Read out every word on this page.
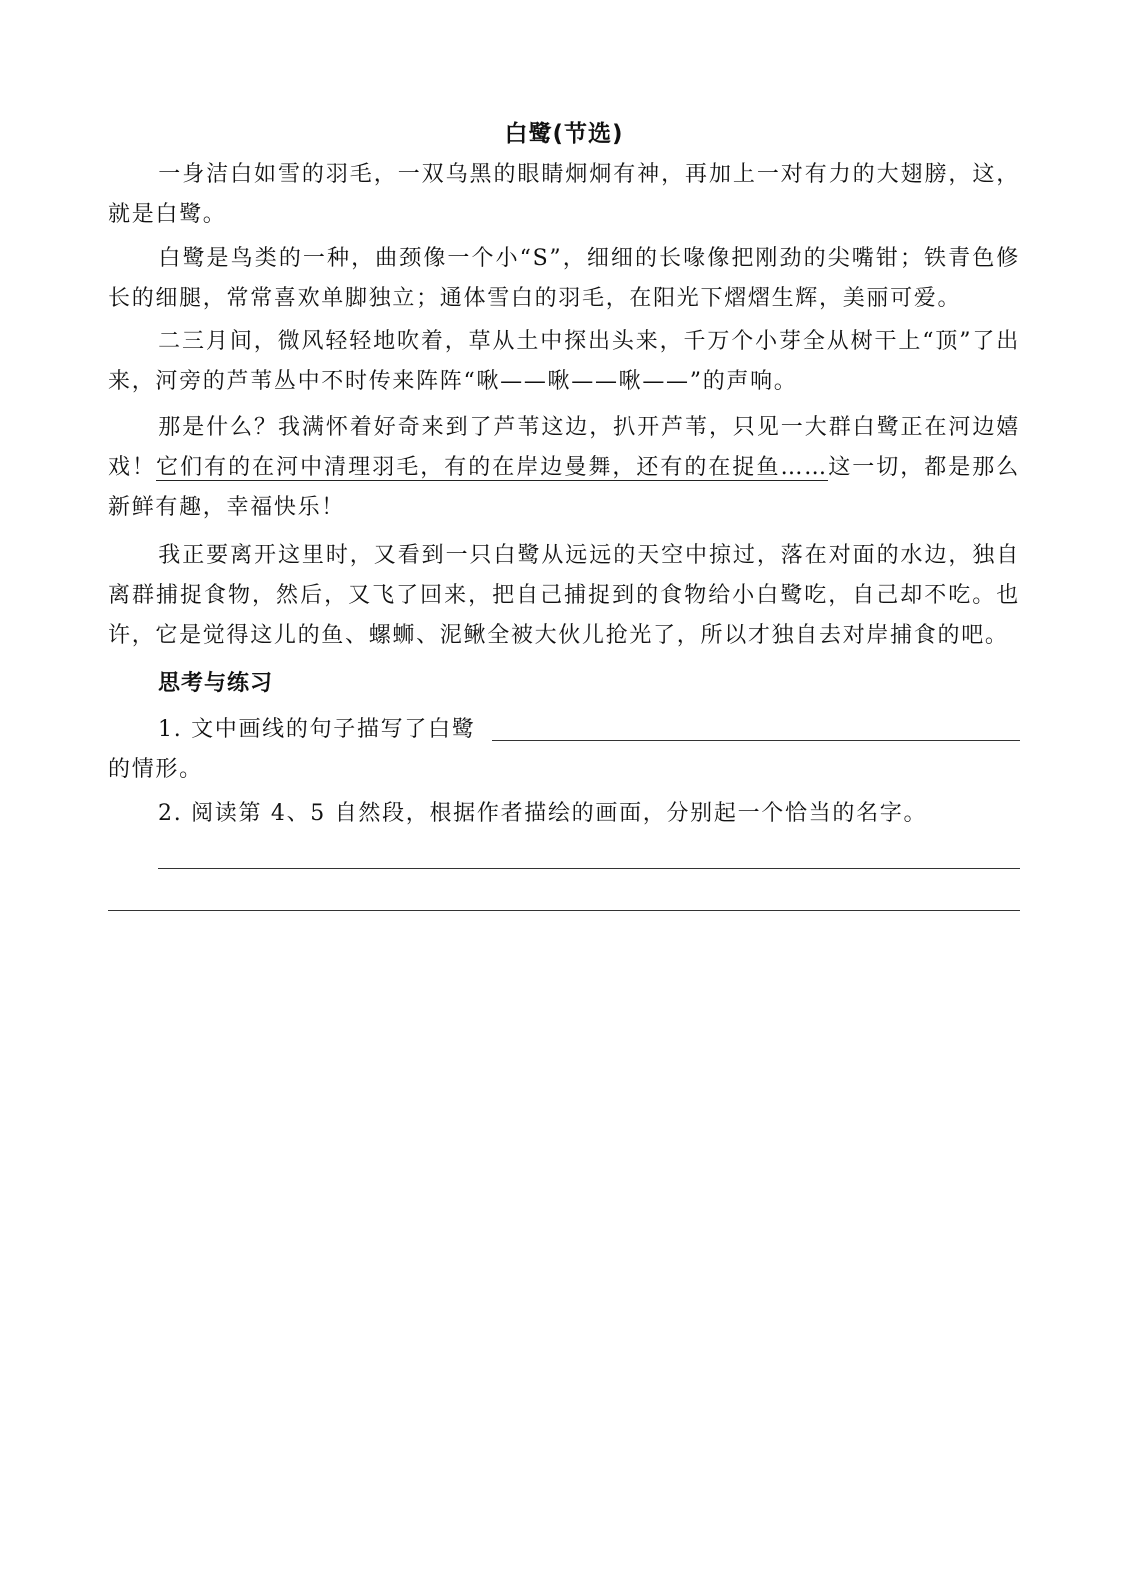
白鹭(节选)
一身洁白如雪的羽毛，一双乌黑的眼睛炯炯有神，再加上一对有力的大翅膀，这，就是白鹭。
白鹭是鸟类的一种，曲颈像一个小“S”，细细的长喙像把刚劲的尖嘴钳；铁青色修长的细腿，常常喜欢单脚独立；通体雪白的羽毛，在阳光下熠熠生辉，美丽可爱。
二三月间，微风轻轻地吹着，草从土中探出头来，千万个小芽全从树干上“顶”了出来，河旁的芦苇丛中不时传来阵阵“啾——啾——啾——”的声响。
那是什么？我满怀着好奇来到了芦苇这边，扒开芦苇，只见一大群白鹭正在河边嬉戏！它们有的在河中清理羽毛，有的在岸边曼舞，还有的在捉鱼……这一切，都是那么新鲜有趣，幸福快乐！
我正要离开这里时，又看到一只白鹭从远远的天空中掠过，落在对面的水边，独自离群捕捉食物，然后，又飞了回来，把自己捕捉到的食物给小白鹭吃，自己却不吃。也许，它是觉得这儿的鱼、螺蛳、泥鳅全被大伙儿抢光了，所以才独自去对岸捕食的吧。
思考与练习
1. 文中画线的句子描写了白鹭
的情形。
2. 阅读第 4、5 自然段，根据作者描绘的画面，分别起一个恰当的名字。
